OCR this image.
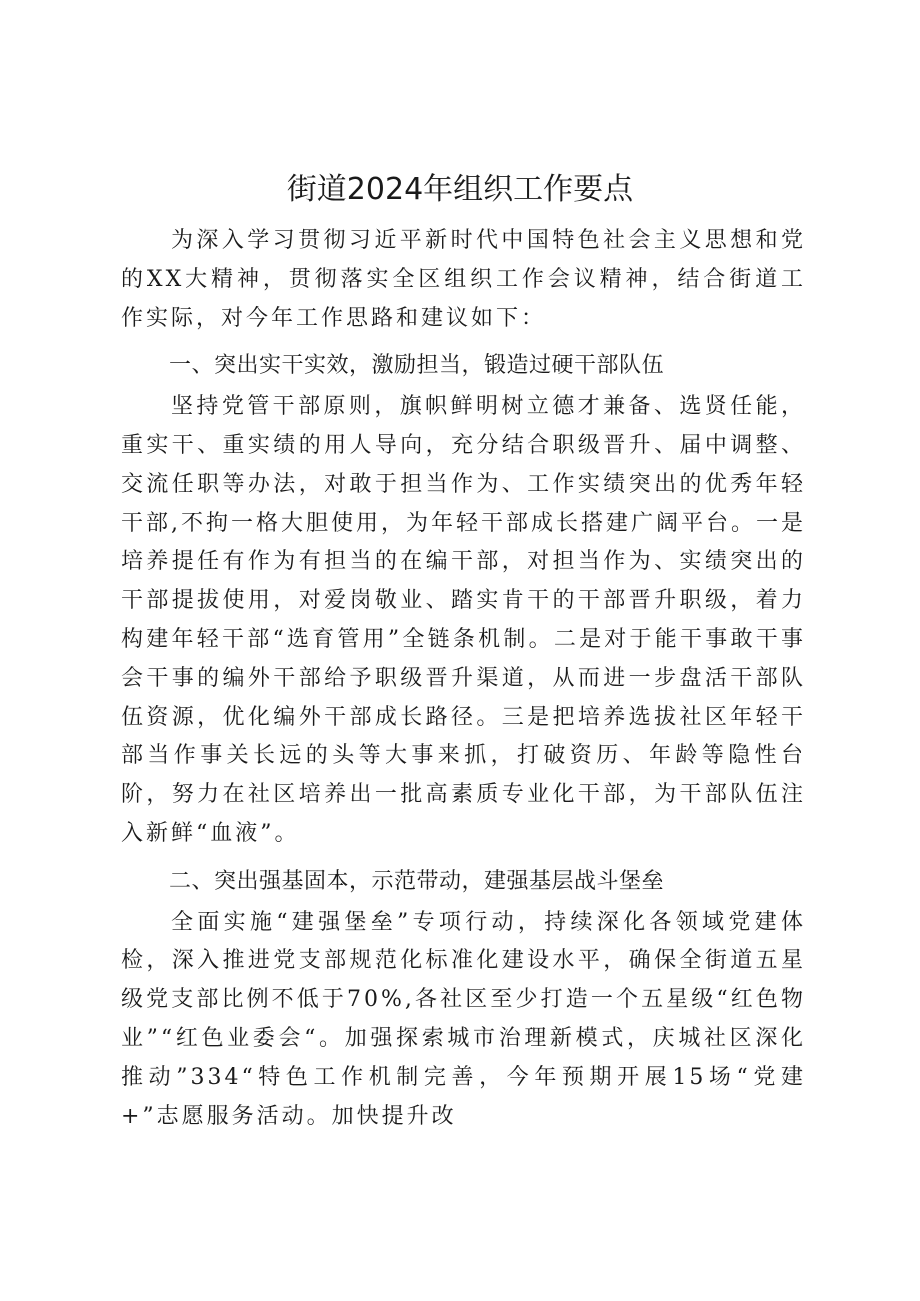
街道2024年组织工作要点

为深入学习贯彻习近平新时代中国特色社会主义思想和党的XX大精神，贯彻落实全区组织工作会议精神，结合街道工作实际，对今年工作思路和建议如下：

一、突出实干实效，激励担当，锻造过硬干部队伍

坚持党管干部原则，旗帜鲜明树立德才兼备、选贤任能，重实干、重实绩的用人导向，充分结合职级晋升、届中调整、交流任职等办法，对敢于担当作为、工作实绩突出的优秀年轻干部,不拘一格大胆使用，为年轻干部成长搭建广阔平台。一是培养提任有作为有担当的在编干部，对担当作为、实绩突出的干部提拔使用，对爱岗敬业、踏实肯干的干部晋升职级，着力构建年轻干部“选育管用”全链条机制。二是对于能干事敢干事会干事的编外干部给予职级晋升渠道，从而进一步盘活干部队伍资源，优化编外干部成长路径。三是把培养选拔社区年轻干部当作事关长远的头等大事来抓，打破资历、年龄等隐性台阶，努力在社区培养出一批高素质专业化干部，为干部队伍注入新鲜“血液”。

二、突出强基固本，示范带动，建强基层战斗堡垒

全面实施“建强堡垒”专项行动，持续深化各领域党建体检，深入推进党支部规范化标准化建设水平，确保全街道五星级党支部比例不低于70%,各社区至少打造一个五星级“红色物业”“红色业委会“。加强探索城市治理新模式，庆城社区深化推动”334“特色工作机制完善，今年预期开展15场“党建+”志愿服务活动。加快提升改
